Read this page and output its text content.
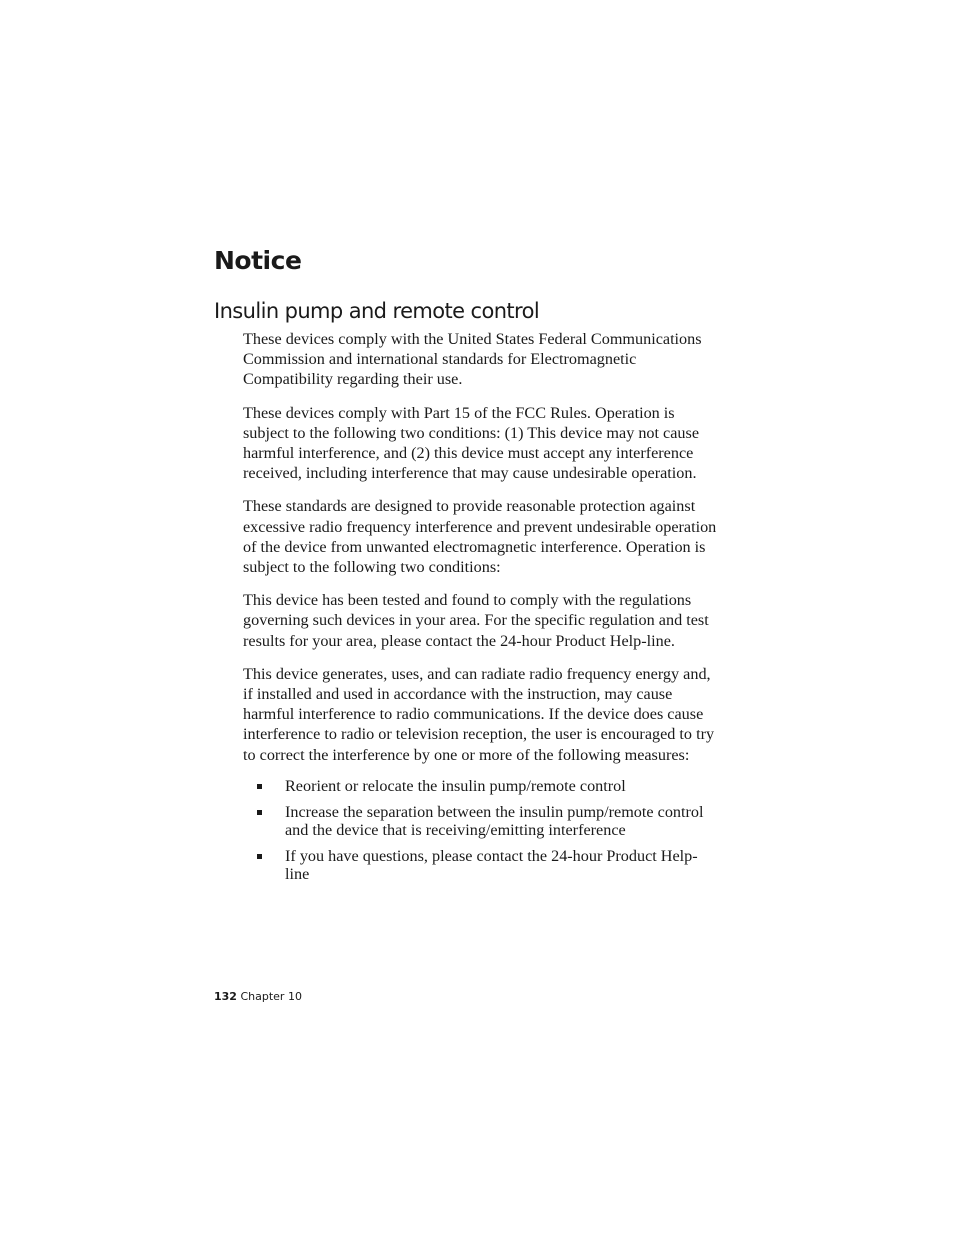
Notice
Insulin pump and remote control

These devices comply with the United States Federal Communications Commission and international standards for Electromagnetic Compatibility regarding their use.

These devices comply with Part 15 of the FCC Rules. Operation is subject to the following two conditions: (1) This device may not cause harmful interference, and (2) this device must accept any interference received, including interference that may cause undesirable operation.

These standards are designed to provide reasonable protection against excessive radio frequency interference and prevent undesirable operation of the device from unwanted electromagnetic interference. Operation is subject to the following two conditions:

This device has been tested and found to comply with the regulations governing such devices in your area. For the specific regulation and test results for your area, please contact the 24-hour Product Help-line.

This device generates, uses, and can radiate radio frequency energy and, if installed and used in accordance with the instruction, may cause harmful interference to radio communications. If the device does cause interference to radio or television reception, the user is encouraged to try to correct the interference by one or more of the following measures:

Reorient or relocate the insulin pump/remote control
Increase the separation between the insulin pump/remote control and the device that is receiving/emitting interference
If you have questions, please contact the 24-hour Product Help-line
132 Chapter 10
